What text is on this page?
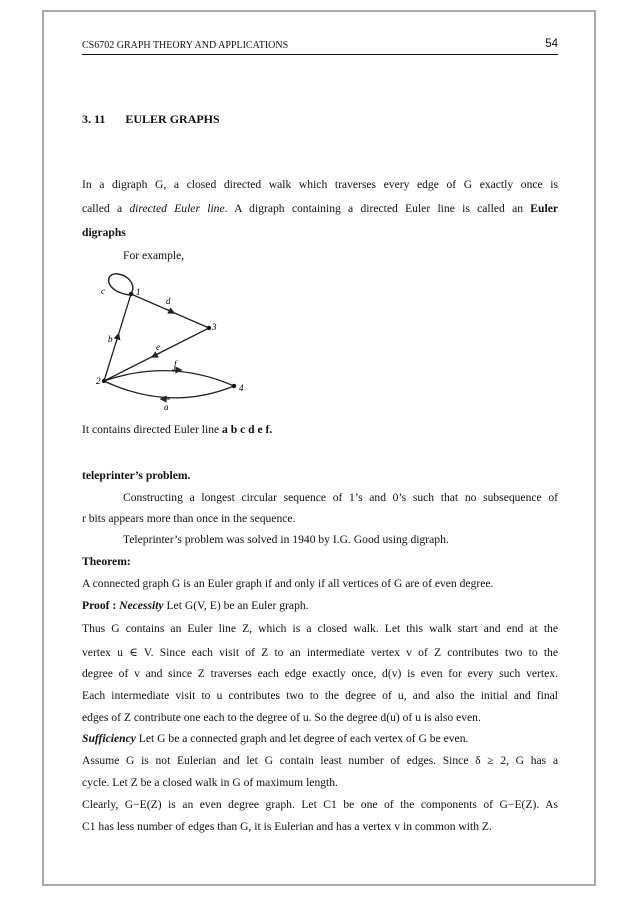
CS6702 GRAPH THEORY AND APPLICATIONS	54
3. 11 EULER GRAPHS
In a digraph G, a closed directed walk which traverses every edge of G exactly once is
called a directed Euler line. A digraph containing a directed Euler line is called an Euler
digraphs
For example,
It contains directed Euler line a b c d e f.
teleprinter’s problem.
Constructing a longest circular sequence of 1’s and 0’s such that no subsequence of
r bits appears more than once in the sequence.
Teleprinter’s problem was solved in 1940 by I.G. Good using digraph.
Theorem:
A connected graph G is an Euler graph if and only if all vertices of G are of even degree.
Proof : Necessity Let G(V, E) be an Euler graph.
Thus G contains an Euler line Z, which is a closed walk. Let this walk start and end at the
vertex u ∈ V. Since each visit of Z to an intermediate vertex v of Z contributes two to the
degree of v and since Z traverses each edge exactly once, d(v) is even for every such vertex.
Each intermediate visit to u contributes two to the degree of u, and also the initial and final
edges of Z contribute one each to the degree of u. So the degree d(u) of u is also even.
Sufficiency Let G be a connected graph and let degree of each vertex of G be even.
Assume G is not Eulerian and let G contain least number of edges. Since δ ≥ 2, G has a
cycle. Let Z be a closed walk in G of maximum length.
Clearly, G−E(Z) is an even degree graph. Let C1 be one of the components of G−E(Z). As
C1 has less number of edges than G, it is Eulerian and has a vertex v in common with Z.
1
2
3
4
a
b
c
d
e
f
